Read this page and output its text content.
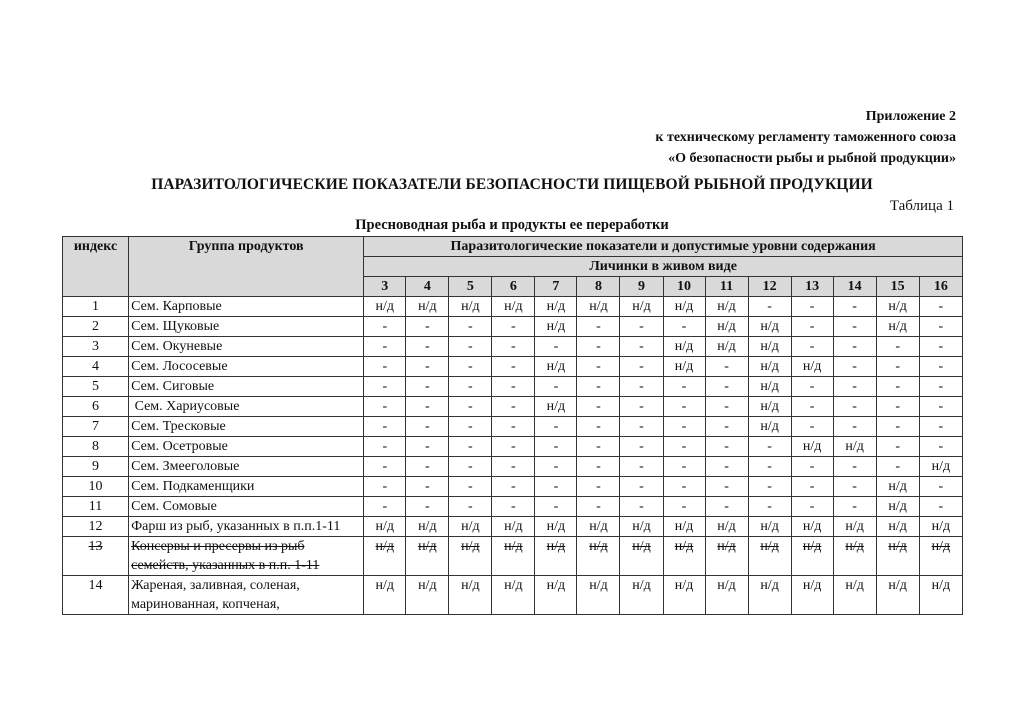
Приложение 2
к техническому регламенту таможенного союза
«О безопасности рыбы и рыбной продукции»
ПАРАЗИТОЛОГИЧЕСКИЕ ПОКАЗАТЕЛИ БЕЗОПАСНОСТИ ПИЩЕВОЙ РЫБНОЙ ПРОДУКЦИИ
Таблица 1
Пресноводная рыба и продукты ее переработки
индекс	Группа продуктов	Паразитологические показатели и допустимые уровни содержания													
		Личинки в живом виде													
		3	4	5	6	7	8	9	10	11	12	13	14	15	16
1	Сем. Карповые	н/д	н/д	н/д	н/д	н/д	н/д	н/д	н/д	н/д	-	-	-	н/д	-
2	Сем. Щуковые	-	-	-	-	н/д	-	-	-	н/д	н/д	-	-	н/д	-
3	Сем. Окуневые	-	-	-	-	-	-	-	н/д	н/д	н/д	-	-	-	-
4	Сем. Лососевые	-	-	-	-	н/д	-	-	н/д	-	н/д	н/д	-	-	-
5	Сем. Сиговые	-	-	-	-	-	-	-	-	-	н/д	-	-	-	-
6	Сем. Хариусовые	-	-	-	-	н/д	-	-	-	-	н/д	-	-	-	-
7	Сем. Тресковые	-	-	-	-	-	-	-	-	-	н/д	-	-	-	-
8	Сем. Осетровые	-	-	-	-	-	-	-	-	-	-	н/д	н/д	-	-
9	Сем. Змееголовые	-	-	-	-	-	-	-	-	-	-	-	-	-	н/д
10	Сем. Подкаменщики	-	-	-	-	-	-	-	-	-	-	-	-	н/д	-
11	Сем. Сомовые	-	-	-	-	-	-	-	-	-	-	-	-	н/д	-
12	Фарш из рыб, указанных в п.п.1-11	н/д	н/д	н/д	н/д	н/д	н/д	н/д	н/д	н/д	н/д	н/д	н/д	н/д	н/д
13	Консервы и пресервы из рыб семейств, указанных в п.п. 1-11	н/д	н/д	н/д	н/д	н/д	н/д	н/д	н/д	н/д	н/д	н/д	н/д	н/д	н/д
14	Жареная, заливная, соленая, маринованная, копченая,	н/д	н/д	н/д	н/д	н/д	н/д	н/д	н/д	н/д	н/д	н/д	н/д	н/д	н/д
